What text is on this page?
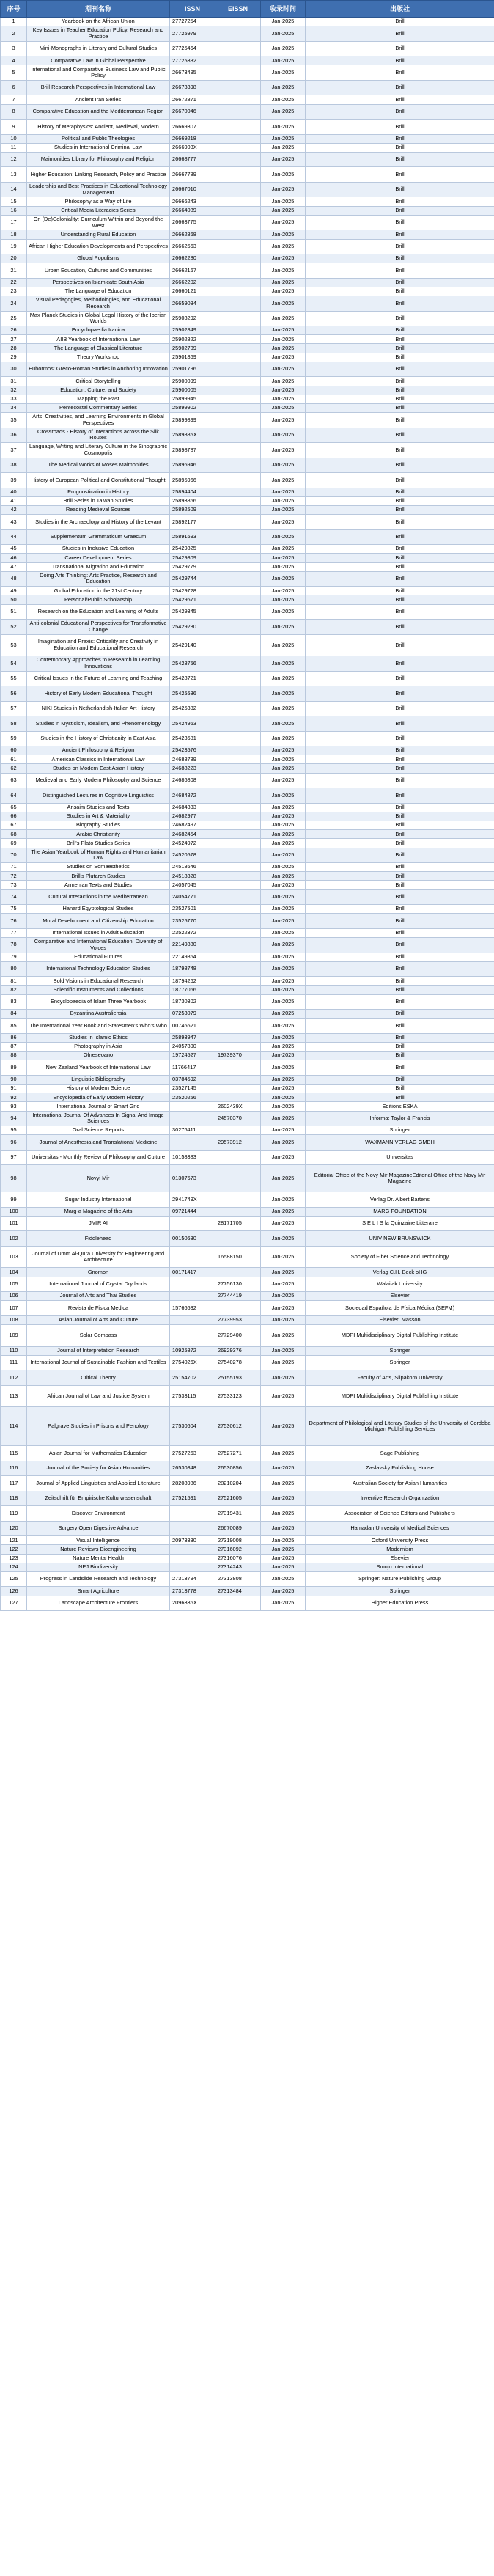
序号	期刊名称	ISSN	EISSN	收录时间	出版社
1	Yearbook on the African Union	27727254		Jan-2025	Brill
2	Key Issues in Teacher Education Policy, Research and Practice	27725979		Jan-2025	Brill
3	Mini-Monographs in Literary and Cultural Studies	27725464		Jan-2025	Brill
4	Comparative Law in Global Perspective	27725332		Jan-2025	Brill
5	International and Comparative Business Law and Public Policy	26673495		Jan-2025	Brill
6	Brill Research Perspectives in International Law	26673398		Jan-2025	Brill
7	Ancient Iran Series	26672871		Jan-2025	Brill
8	Comparative Education and the Mediterranean Region	26670046		Jan-2025	Brill
9	History of Metaphysics: Ancient, Medieval, Modern	26669307		Jan-2025	Brill
10	Political and Public Theologies	26669218		Jan-2025	Brill
11	Studies in International Criminal Law	2666903X		Jan-2025	Brill
12	Maimonides Library for Philosophy and Religion	26668777		Jan-2025	Brill
13	Higher Education: Linking Research, Policy and Practice	26667789		Jan-2025	Brill
14	Leadership and Best Practices in Educational Technology Management	26667010		Jan-2025	Brill
15	Philosophy as a Way of Life	26666243		Jan-2025	Brill
16	Critical Media Literacies Series	26664089		Jan-2025	Brill
17	On (De)Coloniality: Curriculum Within and Beyond the West	26663775		Jan-2025	Brill
18	Understanding Rural Education	26662868		Jan-2025	Brill
19	African Higher Education Developments and Perspectives	26662663		Jan-2025	Brill
20	Global Populisms	26662280		Jan-2025	Brill
21	Urban Education, Cultures and Communities	26662167		Jan-2025	Brill
22	Perspectives on Islamicate South Asia	26662202		Jan-2025	Brill
23	The Language of Education	26660121		Jan-2025	Brill
24	Visual Pedagogies, Methodologies, and Educational Research	26659034		Jan-2025	Brill
25	Max Planck Studies in Global Legal History of the Iberian Worlds	25903292		Jan-2025	Brill
26	Encyclopaedia Iranica	25902849		Jan-2025	Brill
27	AIIB Yearbook of International Law	25902822		Jan-2025	Brill
28	The Language of Classical Literature	25902709		Jan-2025	Brill
29	Theory Workshop	25901869		Jan-2025	Brill
30	Euhormos: Greco-Roman Studies in Anchoring Innovation	25901796		Jan-2025	Brill
31	Critical Storytelling	25900099		Jan-2025	Brill
32	Education, Culture, and Society	25900005		Jan-2025	Brill
33	Mapping the Past	25899945		Jan-2025	Brill
34	Pentecostal Commentary Series	25899902		Jan-2025	Brill
35	Arts, Creativities, and Learning Environments in Global Perspectives	25899899		Jan-2025	Brill
36	Crossroads - History of Interactions across the Silk Routes	2589885X		Jan-2025	Brill
37	Language, Writing and Literary Culture in the Sinographic Cosmopolis	25898787		Jan-2025	Brill
38	The Medical Works of Moses Maimonides	25896946		Jan-2025	Brill
39	History of European Political and Constitutional Thought	25895966		Jan-2025	Brill
40	Prognostication in History	25894404		Jan-2025	Brill
41	Brill Series in Taiwan Studies	25893866		Jan-2025	Brill
42	Reading Medieval Sources	25892509		Jan-2025	Brill
43	Studies in the Archaeology and History of the Levant	25892177		Jan-2025	Brill
44	Supplementum Grammaticum Graecum	25891693		Jan-2025	Brill
45	Studies in Inclusive Education	25429825		Jan-2025	Brill
46	Career Development Series	25429809		Jan-2025	Brill
47	Transnational Migration and Education	25429779		Jan-2025	Brill
48	Doing Arts Thinking: Arts Practice, Research and Education	25429744		Jan-2025	Brill
49	Global Education in the 21st Century	25429728		Jan-2025	Brill
50	Personal/Public Scholarship	25429671		Jan-2025	Brill
51	Research on the Education and Learning of Adults	25429345		Jan-2025	Brill
52	Anti-colonial Educational Perspectives for Transformative Change	25429280		Jan-2025	Brill
53	Imagination and Praxis: Criticality and Creativity in Education and Educational Research	25429140		Jan-2025	Brill
54	Contemporary Approaches to Research in Learning Innovations	25428756		Jan-2025	Brill
55	Critical Issues in the Future of Learning and Teaching	25428721		Jan-2025	Brill
56	History of Early Modern Educational Thought	25425536		Jan-2025	Brill
57	NIKI Studies in Netherlandish-Italian Art History	25425382		Jan-2025	Brill
58	Studies in Mysticism, Idealism, and Phenomenology	25424963		Jan-2025	Brill
59	Studies in the History of Christianity in East Asia	25423681		Jan-2025	Brill
60	Ancient Philosophy & Religion	25423576		Jan-2025	Brill
61	American Classics in International Law	24688789		Jan-2025	Brill
62	Studies on Modern East Asian History	24688223		Jan-2025	Brill
63	Medieval and Early Modern Philosophy and Science	24686808		Jan-2025	Brill
64	Distinguished Lectures in Cognitive Linguistics	24684872		Jan-2025	Brill
65	Ansaim Studies and Texts	24684333		Jan-2025	Brill
66	Studies in Art & Materiality	24682977		Jan-2025	Brill
67	Biography Studies	24682497		Jan-2025	Brill
68	Arabic Christianity	24682454		Jan-2025	Brill
69	Brill's Plato Studies Series	24524972		Jan-2025	Brill
70	The Asian Yearbook of Human Rights and Humanitarian Law	24520578		Jan-2025	Brill
71	Studies on Somaesthetics	24518646		Jan-2025	Brill
72	Brill's Plutarch Studies	24518328		Jan-2025	Brill
73	Armenian Texts and Studies	24057045		Jan-2025	Brill
74	Cultural Interactions in the Mediterranean	24054771		Jan-2025	Brill
75	Hanard Egyptological Studies	23527501		Jan-2025	Brill
76	Moral Development and Citizenship Education	23525770		Jan-2025	Brill
77	International Issues in Adult Education	23522372		Jan-2025	Brill
78	Comparative and International Education: Diversity of Voices	22149880		Jan-2025	Brill
79	Educational Futures	22149864		Jan-2025	Brill
80	International Technology Education Studies	18798748		Jan-2025	Brill
81	Bold Visions in Educational Research	18794262		Jan-2025	Brill
82	Scientific Instruments and Collections	18777066		Jan-2025	Brill
83	Encyclopaedia of Islam Three Yearbook	18730302		Jan-2025	Brill
84	Byzantina Australiensia	07253079		Jan-2025	Brill
85	The International Year Book and Statesmen's Who's Who	00746621		Jan-2025	Brill
86	Studies in Islamic Ethics	25893947		Jan-2025	Brill
87	Photography in Asia	24057800		Jan-2025	Brill
88	Ofneseoano	19724527	19739370	Jan-2025	Brill
89	New Zealand Yearbook of International Law	11766417		Jan-2025	Brill
90	Linguistic Bibliography	03784592		Jan-2025	Brill
91	History of Modern Science	23527145		Jan-2025	Brill
92	Encyclopedia of Early Modern History	23520256		Jan-2025	Brill
93	International Journal of Smart Grid		2602439X	Jan-2025	Editions ESKA
94	International Journal Of Advances In Signal And Image Sciences		24570370	Jan-2025	Informa: Taylor & Francis
95	Oral Science Reports	30276411		Jan-2025	Springer
96	Journal of Anesthesia and Translational Medicine		29573912	Jan-2025	WAXMANN VERLAG GMBH
97	Universitas - Monthly Review of Philosophy and Culture	10158383		Jan-2025	Universitas
98	Novyi Mir	01307673		Jan-2025	Editorial Office of the Novy Mir MagazineEditorial Office of the Novy Mir Magazine
99	Sugar Industry International	2941749X		Jan-2025	Verlag Dr. Albert Bartens
100	Marg-a Magazine of the Arts	09721444		Jan-2025	MARG FOUNDATION
101	JMIR AI		28171705	Jan-2025	S E L I S la Quinzaine Litteraire
102	Fiddlehead	00150630		Jan-2025	UNIV NEW BRUNSWICK
103	Journal of Umm Al-Qura University for Engineering and Architecture		16588150	Jan-2025	Society of Fiber Science and Technology
104	Gnomon	00171417		Jan-2025	Verlag C.H. Beck oHG
105	International Journal of Crystal Dry lands		27756130	Jan-2025	Walailak University
106	Journal of Arts and Thai Studies		27744419	Jan-2025	Elsevier
107	Revista de Fisica Medica	15766632		Jan-2025	Sociedad Española de Física Médica (SEFM)
108	Asian Journal of Arts and Culture		27739953	Jan-2025	Elsevier: Masson
109	Solar Compass		27729400	Jan-2025	MDPI Multidisciplinary Digital Publishing Institute
110	Journal of Interpretation Research	10925872	26929376	Jan-2025	Springer
111	International Journal of Sustainable Fashion and Textiles	2754026X	27540278	Jan-2025	Springer
112	Critical Theory	25154702	25155193	Jan-2025	Faculty of Arts, Silpakorn University
113	African Journal of Law and Justice System	27533115	27533123	Jan-2025	MDPI Multidisciplinary Digital Publishing Institute
114	Palgrave Studies in Prisons and Penology	27530604	27530612	Jan-2025	Department of Philological and Literary Studies of the University of Cordoba Michigan Publishing Services
115	Asian Journal for Mathematics Education	27527263	27527271	Jan-2025	Sage Publishing
116	Journal of the Society for Asian Humanities	26530848	26530856	Jan-2025	Zaslavsky Publishing House
117	Journal of Applied Linguistics and Applied Literature	28208986	28210204	Jan-2025	Australian Society for Asian Humanities
118	Zeitschrift für Empirische Kulturwissenschaft	27521591	27521605	Jan-2025	Inventive Research Organization
119	Discover Environment		27319431	Jan-2025	Association of Science Editors and Publishers
120	Surgery Open Digestive Advance		26670089	Jan-2025	Hamadan University of Medical Sciences
121	Visual Intelligence	20973330	27319008	Jan-2025	Oxford University Press
122	Nature Reviews Bioengineering		27316092	Jan-2025	Modernism
123	Nature Mental Health		27316076	Jan-2025	Elsevier
124	NPJ Biodiversity		27314243	Jan-2025	Smujo International
125	Progress in Landslide Research and Technology	27313794	27313808	Jan-2025	Springer: Nature Publishing Group
126	Smart Agriculture	27313778	27313484	Jan-2025	Springer
127	Landscape Architecture Frontiers	2096336X		Jan-2025	Higher Education Press
